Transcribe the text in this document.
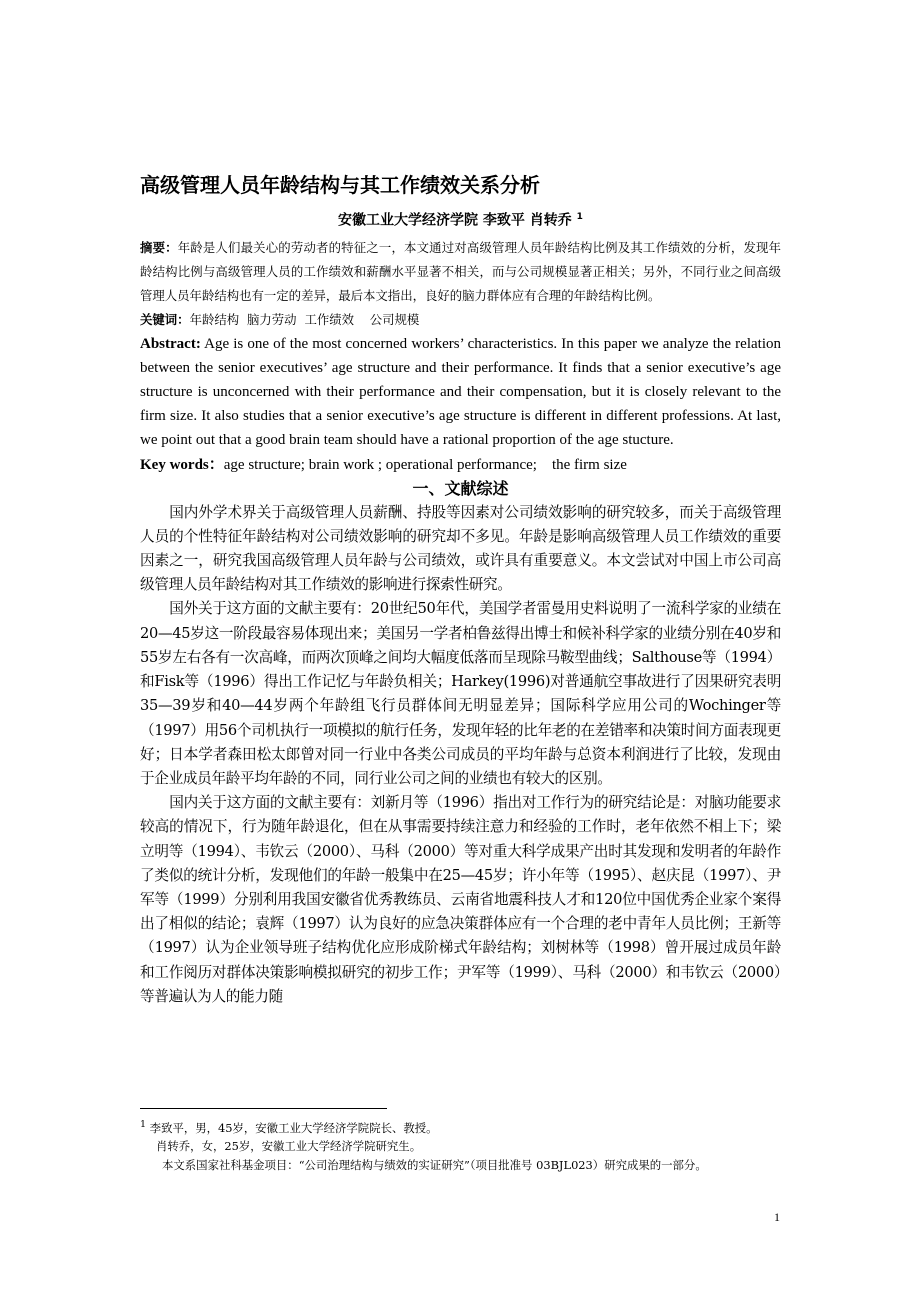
高级管理人员年龄结构与其工作绩效关系分析

安徽工业大学经济学院 李致平 肖转乔 $^1$

摘要：年龄是人们最关心的劳动者的特征之一，本文通过对高级管理人员年龄结构比例及其工作绩效的分析，发现年龄结构比例与高级管理人员的工作绩效和薪酬水平显著不相关，而与公司规模显著正相关；另外，不同行业之间高级管理人员年龄结构也有一定的差异，最后本文指出，良好的脑力群体应有合理的年龄结构比例。

关键词：年龄结构  脑力劳动  工作绩效    公司规模

Abstract: Age is one of the most concerned workers’ characteristics. In this paper we analyze the relation between the senior executives’ age structure and their performance. It finds that a senior executive’s age structure is unconcerned with their performance and their compensation, but it is closely relevant to the firm size. It also studies that a senior executive’s age structure is different in different professions. At last, we point out that a good brain team should have a rational proportion of the age stucture.

Key words：age structure; brain work ; operational performance;    the firm size

一、文献综述

国内外学术界关于高级管理人员薪酬、持股等因素对公司绩效影响的研究较多，而关于高级管理人员的个性特征年龄结构对公司绩效影响的研究却不多见。年龄是影响高级管理人员工作绩效的重要因素之一，研究我国高级管理人员年龄与公司绩效，或许具有重要意义。本文尝试对中国上市公司高级管理人员年龄结构对其工作绩效的影响进行探索性研究。

国外关于这方面的文献主要有：20世纪50年代，美国学者雷曼用史料说明了一流科学家的业绩在20—45岁这一阶段最容易体现出来；美国另一学者柏鲁兹得出博士和候补科学家的业绩分别在40岁和55岁左右各有一次高峰，而两次顶峰之间均大幅度低落而呈现除马鞍型曲线；Salthouse等（1994）和Fisk等（1996）得出工作记忆与年龄负相关；Harkey(1996)对普通航空事故进行了因果研究表明35—39岁和40—44岁两个年龄组飞行员群体间无明显差异；国际科学应用公司的Wochinger等（1997）用56个司机执行一项模拟的航行任务，发现年轻的比年老的在差错率和决策时间方面表现更好；日本学者森田松太郎曾对同一行业中各类公司成员的平均年龄与总资本利润进行了比较，发现由于企业成员年龄平均年龄的不同，同行业公司之间的业绩也有较大的区别。

国内关于这方面的文献主要有：刘新月等（1996）指出对工作行为的研究结论是：对脑功能要求较高的情况下，行为随年龄退化，但在从事需要持续注意力和经验的工作时，老年依然不相上下；梁立明等（1994）、韦钦云（2000）、马科（2000）等对重大科学成果产出时其发现和发明者的年龄作了类似的统计分析，发现他们的年龄一般集中在25—45岁；许小年等（1995）、赵庆昆（1997）、尹军等（1999）分别利用我国安徽省优秀教练员、云南省地震科技人才和120位中国优秀企业家个案得出了相似的结论；袁辉（1997）认为良好的应急决策群体应有一个合理的老中青年人员比例；王新等（1997）认为企业领导班子结构优化应形成阶梯式年龄结构；刘树林等（1998）曾开展过成员年龄和工作阅历对群体决策影响模拟研究的初步工作；尹军等（1999）、马科（2000）和韦钦云（2000）等普遍认为人的能力随

$^1$ 李致平，男，45岁，安徽工业大学经济学院院长、教授。

肖转乔，女，25岁，安徽工业大学经济学院研究生。

本文系国家社科基金项目：“公司治理结构与绩效的实证研究”（项目批准号 03BJL023）研究成果的一部分。

1
